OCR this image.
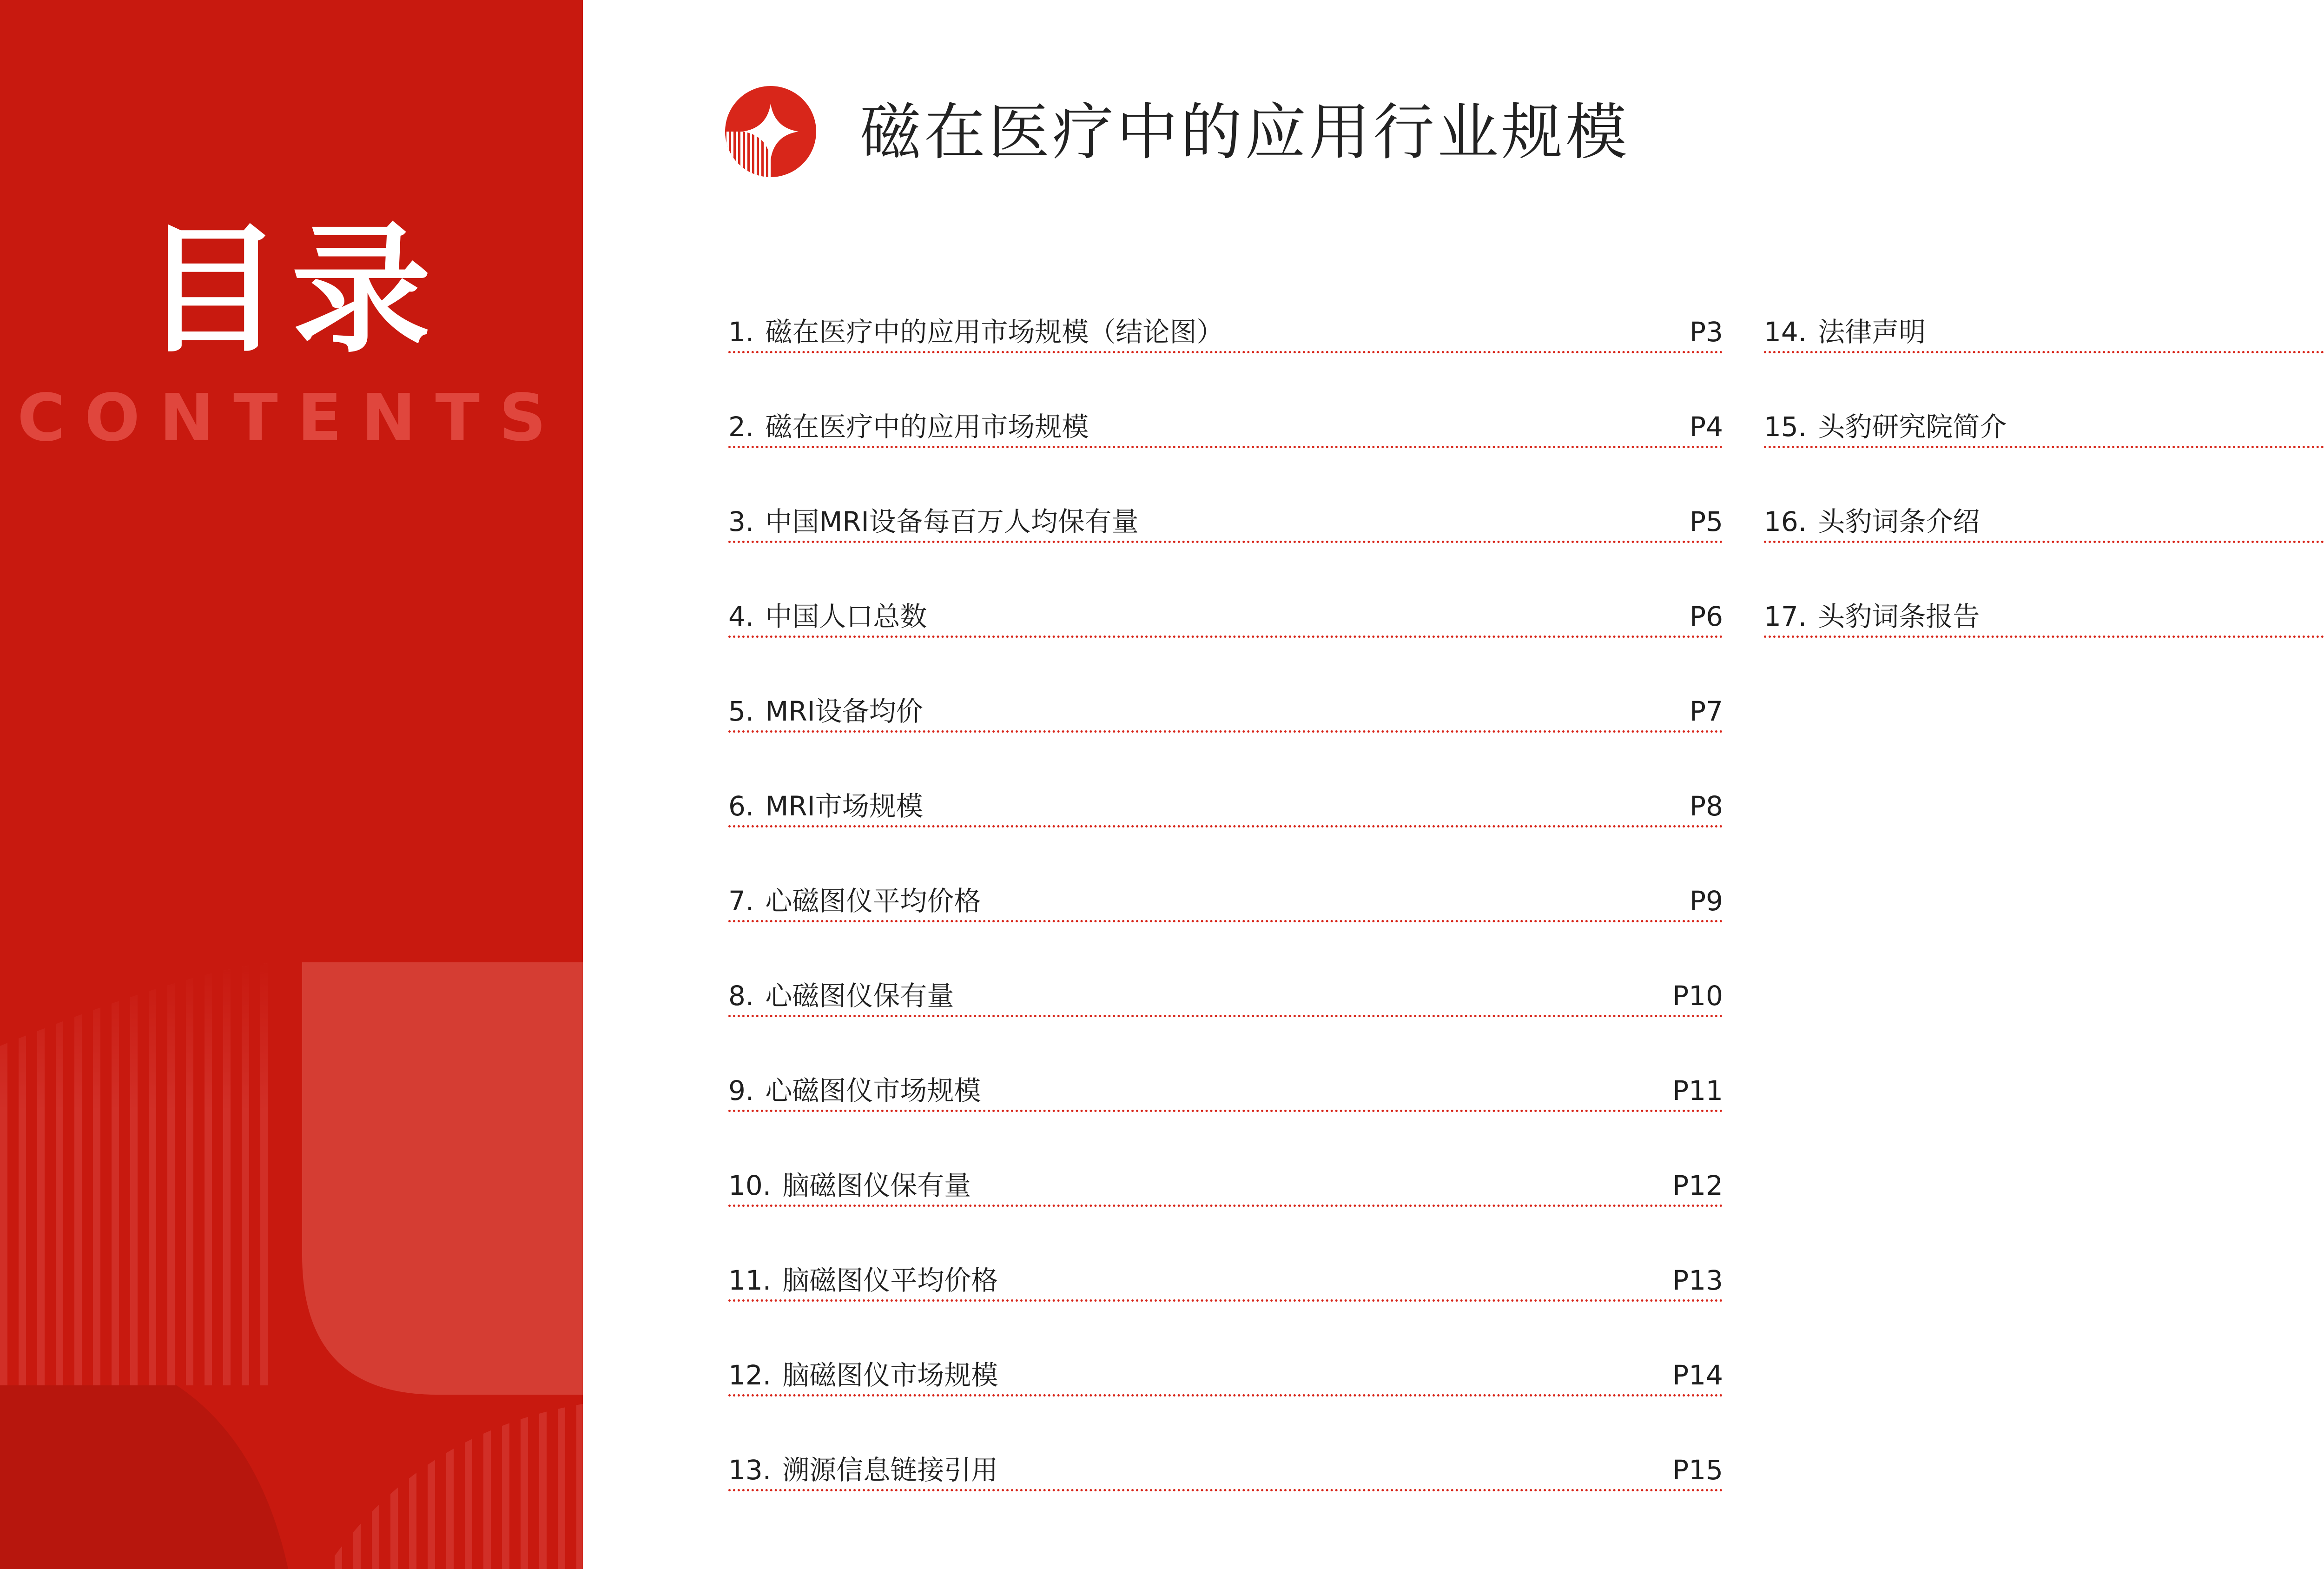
目录
CONTENTS
磁在医疗中的应用行业规模
1. 磁在医疗中的应用市场规模（结论图）	P3
2. 磁在医疗中的应用市场规模	P4
3. 中国MRI设备每百万人均保有量	P5
4. 中国人口总数	P6
5. MRI设备均价	P7
6. MRI市场规模	P8
7. 心磁图仪平均价格	P9
8. 心磁图仪保有量	P10
9. 心磁图仪市场规模	P11
10. 脑磁图仪保有量	P12
11. 脑磁图仪平均价格	P13
12. 脑磁图仪市场规模	P14
13. 溯源信息链接引用	P15
14. 法律声明
15. 头豹研究院简介
16. 头豹词条介绍
17. 头豹词条报告
